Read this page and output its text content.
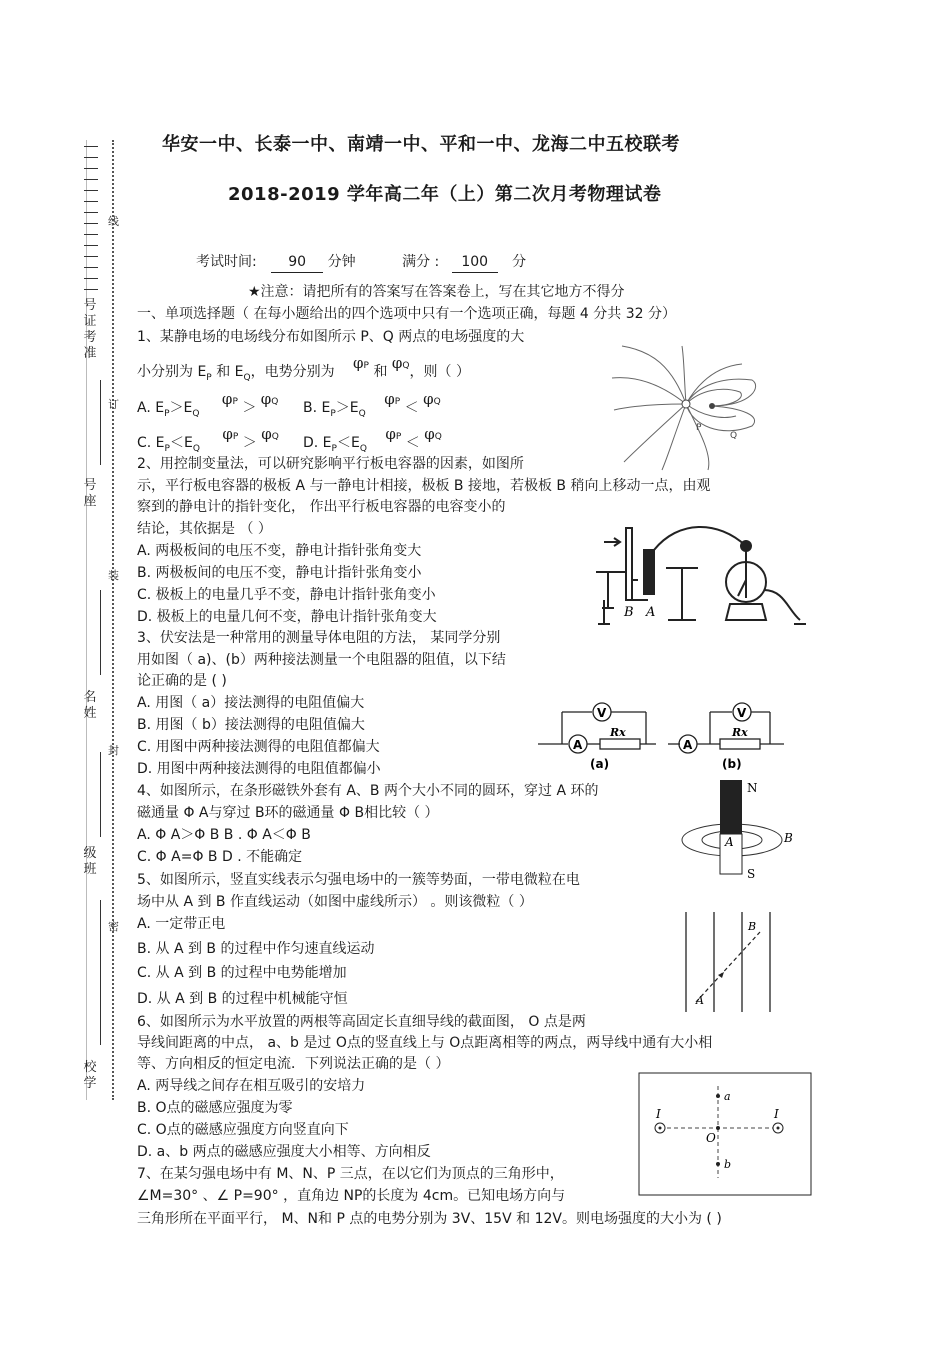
号证考准
号座
名姓
级班
校学
线
订
装
封
密
华安一中、长泰一中、南靖一中、平和一中、龙海二中五校联考
2018-2019 学年高二年（上）第二次月考物理试卷
考试时间: 90 分钟	满分 : 100 分
★注意：请把所有的答案写在答案卷上，写在其它地方不得分
一、单项选择题（ 在每小题给出的四个选项中只有一个选项正确，每题 4 分共 32 分）
1、某静电场的电场线分布如图所示 P、Q 两点的电场强度的大
小分别为 $E_P$ 和 $E_Q$，电势分别为 $\varphi_P$ 和 $\varphi_Q$，则（ ）
A. $E_P>E_Q$ $\varphi_P > \varphi_Q$ B. $E_P>E_Q$ $\varphi_P < \varphi_Q$
C. $E_P<E_Q$ $\varphi_P > \varphi_Q$ D. $E_P<E_Q$ $\varphi_P < \varphi_Q$
P
Q
2、用控制变量法，可以研究影响平行板电容器的因素，如图所
示，平行板电容器的极板 A 与一静电计相接，极板 B 接地，若极板 B 稍向上移动一点，由观
察到的静电计的指针变化， 作出平行板电容器的电容变小的
结论，其依据是 （ ）
A. 两极板间的电压不变，静电计指针张角变大
B. 两极板间的电压不变，静电计指针张角变小
C. 极板上的电量几乎不变，静电计指针张角变小
D. 极板上的电量几何不变，静电计指针张角变大	B A
3、伏安法是一种常用的测量导体电阻的方法， 某同学分别
用如图（ a)、(b）两种接法测量一个电阻器的阻值，以下结
论正确的是 ( )
A. 用图（ a）接法测得的电阻值偏大
B. 用图（ b）接法测得的电阻值偏大
C. 用图中两种接法测得的电阻值都偏大
D. 用图中两种接法测得的电阻值都偏小
A
V
Rx
(a)
A
V
Rx
(b)
4、如图所示，在条形磁铁外套有 A、B 两个大小不同的圆环，穿过 A 环的
磁通量 Φ A与穿过 B环的磁通量 Φ B相比较（ ）
A. Φ A＞Φ B B . Φ A＜Φ B
C. Φ A=Φ B D . 不能确定
N
S
A	B
5、如图所示，竖直实线表示匀强电场中的一簇等势面，一带电微粒在电
场中从 A 到 B 作直线运动（如图中虚线所示） 。则该微粒（ ）
A. 一定带正电
B. 从 A 到 B 的过程中作匀速直线运动
C. 从 A 到 B 的过程中电势能增加
D. 从 A 到 B 的过程中机械能守恒	A
B
6、如图所示为水平放置的两根等高固定长直细导线的截面图， O 点是两
导线间距离的中点， a、b 是过 O点的竖直线上与 O点距离相等的两点，两导线中通有大小相
等、方向相反的恒定电流．下列说法正确的是（ ）
A. 两导线之间存在相互吸引的安培力
B. O点的磁感应强度为零
C. O点的磁感应强度方向竖直向下
D. a、b 两点的磁感应强度大小相等、方向相反
I	I
O
a
b
7、在某匀强电场中有 M、N、P 三点，在以它们为顶点的三角形中，
∠M=30° 、∠ P=90° ，直角边 NP的长度为 4cm。已知电场方向与
三角形所在平面平行， M、N和 P 点的电势分别为 3V、15V 和 12V。则电场强度的大小为 ( )
